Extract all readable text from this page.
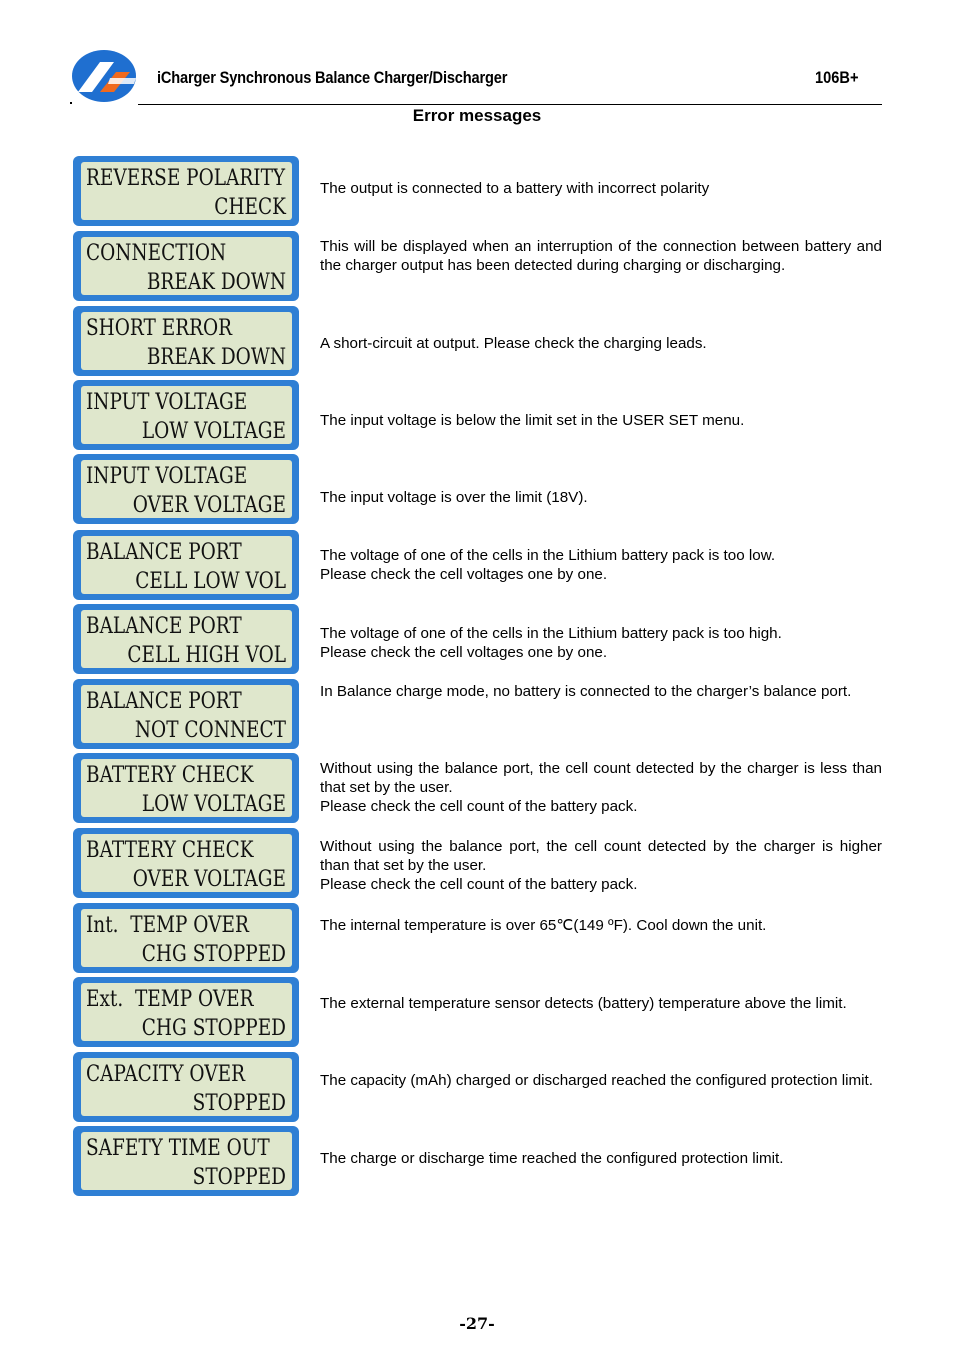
iCharger Synchronous Balance Charger/Discharger	106B+
Error messages
REVERSE POLARITY
CHECK
The output is connected to a battery with incorrect polarity
CONNECTION
BREAK DOWN
This will be displayed when an interruption of the connection between battery and the charger output has been detected during charging or discharging.
SHORT ERROR
BREAK DOWN
A short-circuit at output. Please check the charging leads.
INPUT VOLTAGE
LOW VOLTAGE The input voltage is below the limit set in the USER SET menu.
INPUT VOLTAGE
OVER VOLTAGE The input voltage is over the limit (18V).
BALANCE PORT
CELL LOW VOL
The voltage of one of the cells in the Lithium battery pack is too low.
Please check the cell voltages one by one.
BALANCE PORT
CELL HIGH VOL
The voltage of one of the cells in the Lithium battery pack is too high.
Please check the cell voltages one by one.
BALANCE PORT
NOT CONNECT
In Balance charge mode, no battery is connected to the charger’s balance port.
BATTERY CHECK
LOW VOLTAGE
Without using the balance port, the cell count detected by the charger is less than that set by the user.
Please check the cell count of the battery pack.
BATTERY CHECK
OVER VOLTAGE
Without using the balance port, the cell count detected by the charger is higher than that set by the user.
Please check the cell count of the battery pack.
Int.  TEMP OVER
CHG STOPPED
The internal temperature is over 65℃(149 ºF). Cool down the unit.
Ext.  TEMP OVER
CHG STOPPED
The external temperature sensor detects (battery) temperature above the limit.
CAPACITY OVER
STOPPED
The capacity (mAh) charged or discharged reached the configured protection limit.
SAFETY TIME OUT
STOPPED
The charge or discharge time reached the configured protection limit.
-27-
